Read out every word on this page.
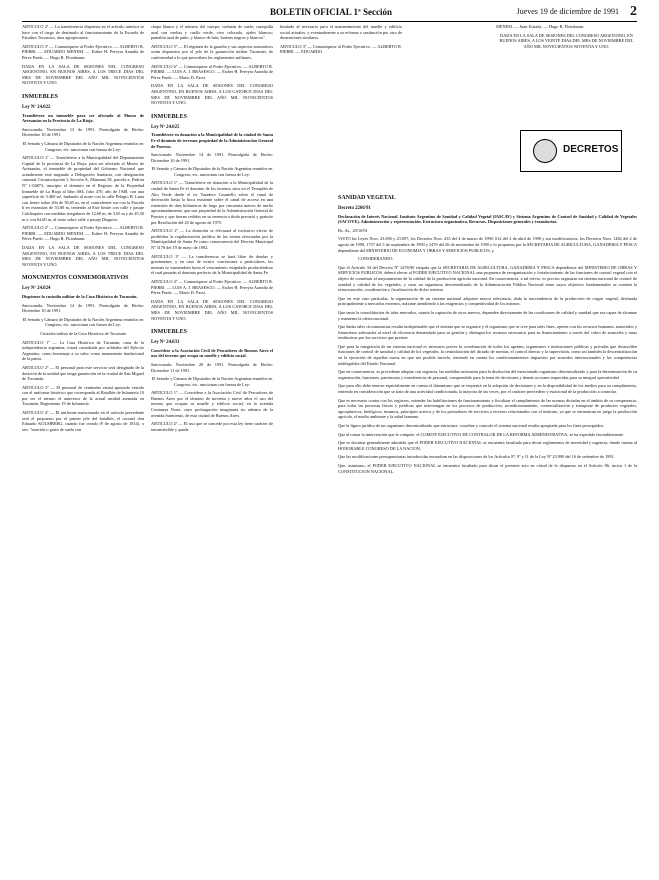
BOLETIN OFICIAL 1ª Sección	Jueves 19 de diciembre de 1991 2

ARTICULO 2º — La transferencia dispuesta en el artículo anterior se hace con el cargo de destinarlo al funcionamiento de la Escuela de Estudios Terciarios, área agropecuaria.

ARTICULO 3º — Comuníquese al Poder Ejecutivo. — ALBERTO R. PIERRI. — EDUARDO MENEM. — Esther H. Pereyra Arandía de Pérez Pardo. — Hugo R. Flombaum.

DADA EN LA SALA DE SESIONES DEL CONGRESO ARGENTINO, EN BUENOS AIRES, A LOS TRECE DIAS DEL MES DE NOVIEMBRE DEL AÑO MIL NOVECIENTOS NOVENTA Y UNO.

INMUEBLES
Ley Nº 24.022

Transfiérese un inmueble para ser afectado al Museo de Artesanías en la Provincia de La Rioja.

Sancionada: Noviembre 13 de 1991. Promulgada de Hecho: Diciembre 10 de 1991.

El Senado y Cámara de Diputados de la Nación Argentina reunidos en Congreso, etc. sancionan con fuerza de Ley:

ARTICULO 1º — Transfiérese a la Municipalidad del Departamento Capital de la provincia de La Rioja, para ser afectado al Museo de Artesanías, el inmueble de propiedad del Gobierno Nacional que actualmente está asignado a Delegación Sanitaria, con designación catastral Circunscripción I, Sección A, Manzana 58, parcela a, Padrón Nº 1-04873, inscripto el dominio en el Registro de la Propiedad Inmueble de La Rioja al libro 684, folio 470, año de 1948, con una superficie de 3.469 m², lindando al norte con la calle Pelagio B. Luna con frente sobre ella de 56,65 m, en el contrafrente sur con la Parcela b en extensión de 53,80 m, teniendo al Este límite con calle y pasaje Calchaquíes con medidas irregulares de 12,60 m, de 3,65 m y de 45,50 m y con 62,60 m, al oeste sobre calle o pasaje Díaguita.

ARTICULO 2º — Comuníquese al Poder Ejecutivo. — ALBERTO R. PIERRI. — EDUARDO MENEM. — Esther H. Pereyra Arandía de Pérez Pardo. — Hugo R. Flombaum.

DADA EN LA SALA DE SESIONES DEL CONGRESO ARGENTINO, EN BUENOS AIRES, A LOS TRECE DIAS DEL MES DE NOVIEMBRE DEL AÑO MIL NOVECIENTOS NOVENTA Y UNO.

MONUMENTOS CONMEMORATIVOS
Ley Nº 24.024

Dispónese la custodia militar de la Casa Histórica de Tucumán.

Sancionada: Noviembre 14 de 1991. Promulgada de Hecho: Diciembre 10 de 1991.

El Senado y Cámara de Diputados de la Nación Argentina reunidos en Congreso, etc. sancionan con fuerza de Ley:

Custodia militar de la Casa Histórica de Tucumán

ARTICULO 1º — La Casa Histórica de Tucumán, cuna de la independencia argentina, estará custodiada por soldados del Ejército Argentino, como homenaje a su valor como monumento fundacional de la patria.

ARTICULO 2º — El personal para este servicio será designado de la dotación de la unidad que tenga guarnición en la ciudad de San Miguel de Tucumán.

ARTICULO 3º — El personal de centinelas estará apostado vestido con el uniforme histórico que corresponda al Batallón de Infantería 10 por ser el mismo el antecesor de la actual unidad asentada en Tucumán, Regimiento 19 de Infantería.

ARTICULO 4º — El uniforme mencionado en el artículo precedente será el propuesto por el primer jefe del batallón, el coronel don Eduardo KOLMBERG, cuando fue creado (9 de agosto de 1814), o sea: "morrión o gorra de suela con

chapa blanca y el número del cuerpo; corbatín de suela; casaquilla azul con vueltas y cuello verde, vivo colorado, ojales blancos; pantalón azul de paño, y blanco de brin, botines negros y blancos".

ARTICULO 5º — El régimen de la guardia y sus aspectos normativos serán dispuestos por el jefe de la guarnición militar Tucumán, de conformidad a lo que prescriben los reglamentos militares.

ARTICULO 6º — Comuníquese al Poder Ejecutivo. — ALBERTO R. PIERRI. — LUIS A. J. BRASESCO. — Esther H. Pereyra Arandía de Pérez Pardo. — Mario D. Fassi.

DADA EN LA SALA DE SESIONES DEL CONGRESO ARGENTINO, EN BUENOS AIRES, A LOS CATORCE DIAS DEL MES DE NOVIEMBRE DEL AÑO MIL NOVECIENTOS NOVENTA Y UNO.

INMUEBLES
Ley Nº 24.025

Transfiérese en donación a la Municipalidad de la ciudad de Santa Fe el dominio de terrenos propiedad de la Administración General de Puertos.

Sancionada: Noviembre 14 de 1991. Promulgada de Hecho: Diciembre 10 de 1991.

El Senado y Cámara de Diputados de la Nación Argentina reunidos en Congreso, etc. sancionan con fuerza de Ley:

ARTICULO 1º — Transfiérese en donación a la Municipalidad de la ciudad de Santa Fe el dominio de los terrenos sitos en el Terraplén de Alto Verde desde el ex Varadero Casanello sobre el canal de derivación hasta la boca existente sobre el canal de acceso en una extensión de diez kilómetros de largo por cincuenta metros de ancho aproximadamente, que son propiedad de la Administración General de Puertos y que fueran cedidos en su tenencia a título precario y gratuito por Resolución del 20 de agosto de 1975.

ARTICULO 2º — La donación se efectuará al exclusivo efecto de posibilitar la regularización jurídica de las ventas efectuadas por la Municipalidad de Santa Fe como consecuencia del Decreto Municipal Nº 3178 del 19 de mayo de 1982.

ARTICULO 3º — La transferencia se hará libre de deudas y gravámenes, y en caso de existir concesiones a particulares, las mismas se mantendrán hasta el vencimiento estipulado produciéndose el cual pasarán al dominio perfecto de la Municipalidad de Santa Fe.

ARTICULO 4º — Comuníquese al Poder Ejecutivo. — ALBERTO R. PIERRI. — LUIS A. J. BRASESCO. — Esther H. Pereyra Arandía de Pérez Pardo. — Mario D. Fassi.

DADA EN LA SALA DE SESIONES DEL CONGRESO ARGENTINO, EN BUENOS AIRES, A LOS CATORCE DIAS DEL MES DE NOVIEMBRE DEL AÑO MIL NOVECIENTOS NOVENTA Y UNO.

INMUEBLES
Ley Nº 24.031

Concédese a la Asociación Civil de Pescadores de Buenos Aires el uso del terreno que ocupa su muelle y edificio social.

Sancionada: Noviembre 20 de 1991. Promulgada de Hecho: Diciembre 11 de 1991.

El Senado y Cámara de Diputados de la Nación Argentina reunidos en Congreso, etc. sancionan con fuerza de Ley:

ARTICULO 1º — Concédese a la Asociación Civil de Pescadores de Buenos Aires por el término de noventa y nueve años el uso del terreno que ocupan su muelle y edificio social, en la avenida Costanera Norte, cuyo prolongación imaginaria rio adentro de la avenida Sarmiento, de esta ciudad de Buenos Aires.

ARTICULO 2º — El uso que se concede por esta ley tiene carácter de intransferible y queda

limitado al necesario para el mantenimiento del muelle y edificio social actuales, y eventualmente a su reforma o sustitución por otro de dimensiones similares.

ARTICULO 3º — Comuníquese al Poder Ejecutivo. — ALBERTO R. PIERRI. — EDUARDO

MENEM. — Juan Estrada. — Hugo R. Flombaum.

DADA EN LA SALA DE SESIONES DEL CONGRESO ARGENTINO, EN BUENOS AIRES, A LOS VEINTE DIAS DEL MES DE NOVIEMBRE DEL AÑO MIL NOVECIENTOS NOVENTA Y UNO.

DECRETOS
SANIDAD VEGETAL
Decreto 2266/91

Declaración de Interés Nacional. Instituto Argentino de Sanidad y Calidad Vegetal (IASCAV) y Sistema Argentino de Control de Sanidad y Calidad de Vegetales (SACOVE). Administración y representación. Estructura organizativa. Recursos. Disposiciones generales y transitorias.

Bs. As., 29/10/91

VISTO las Leyes Nros. 23.696 y 23.697, los Decretos Nros. 435 del 4 de marzo de 1990, 612 del 2 de abril de 1990 y sus modificatorios, los Decretos Nros. 1482 del 2 de agosto de 1990, 1757 del 5 de septiembre de 1990 y 2476 del 26 de noviembre de 1990 y lo propuesto por la SECRETARIA DE AGRICULTURA, GANADERIA Y PESCA dependiente del MINISTERIO DE ECONOMIA Y OBRAS Y SERVICIOS PUBLICOS, y

CONSIDERANDO:

Que el Artículo 34 del Decreto Nº 2476/90 estipula que la SECRETARIA DE AGRICULTURA, GANADERIA Y PESCA dependiente del MINISTERIO DE OBRAS Y SERVICIOS PUBLICOS, deberá elevar al PODER EJECUTIVO NACIONAL una propuesta de reorganización y fortalecimiento de las funciones de control vegetal con el objeto de contribuir al mejoramiento de la calidad de la producción agrícola nacional. En consecuencia, a tal efecto, es preciso organizar un sistema nacional de control de sanidad y calidad de los vegetales, y crear un organismo descentralizado de la Administración Pública Nacional entre cuyos objetivos fundamentales se cuenten la estructuración, coordinación y fiscalización de dicho sistema.

Que en este caso particular, la organización de un sistema nacional adquiere mayor relevancia, dada la trascendencia de la producción de origen vegetal, destinada principalmente a mercados externos, máxime atendiendo a las exigencias y competitividad de los mismos.

Que tanto la consolidación de tales mercados, cuanto la captación de otros nuevos, dependen directamente de las condiciones de calidad y sanidad que sea capaz de alcanzar y mantener la oferta nacional.

Que dadas tales circunstancias resulta indispensable que el sistema que se organice y el organismo que se cree para tales fines, operen con los recursos humanos, materiales y financieros adecuados al nivel de eficiencia demandado para su gestión y obtengan los recursos necesarios para su financiamiento a través del cobro de aranceles y tasas retributivas por los servicios que presten.

Que para la integración de un sistema nacional es necesario prever la coordinación de todos los agentes, organismos e instituciones públicas y privadas que desarrollen funciones de control de sanidad y calidad de los vegetales, la centralización del dictado de normas, el control directo y la supervisión, como así también la descentralización en la ejecución de aquellas tareas en que sea posible hacerlo, teniendo en cuenta los condicionamientos impuestos por acuerdos internacionales y las competencias indelegables del Estado Nacional.

Que en consecuencia, es procedente adoptar con urgencia, las medidas necesarias para la disolución del mencionado organismo descentralizado y para la determinación de su organización, funciones, patrimonio y transferencia de personal, comprendido para la toma de decisiones y demás acciones requeridas para su integral operatividad.

Que para ello debe tenerse especialmente en cuenta el dinamismo que se requerirá en la adopción de decisiones y en la disponibilidad de los medios para su cumplimiento, teniendo en consideración que se trata de una actividad condicionada, la mayoría de las veces, por el carácter perecedero y estacional de la producción a controlar.

Que es necesario contar con los registros, extender las habilitaciones de funcionamiento y fiscalizar el cumplimiento de las normas dictadas en el ámbito de su competencia, para todas las personas físicas y jurídicas que intervengan en los procesos de producción, acondicionamiento, comercialización y transporte de productos vegetales, agroquímicos, biológicos, insumos, principios activos y de los prestadores de servicios a terceros relacionados con el instituto, ya que se encuentran en juego la producción agrícola, el medio ambiente y la salud humana.

Que la figura jurídica de un organismo descentralizado que estructure, coordine y controle el sistema nacional resulta apropiada para los fines perseguidos.

Que al tomar la intervención que le compete, el COMITE EJECUTIVO DE CONTRALOR DE LA REFORMA ADMINISTRATIVA, se ha expedido favorablemente.

Que es doctrina generalmente admitida que el PODER EJECUTIVO NACIONAL se encuentra facultado para dictar reglamentos de necesidad y urgencia, dando cuenta al HONORABLE CONGRESO DE LA NACION.

Que las modificaciones presupuestarias introducidas encuadran en las disposiciones de los Artículos 8º, 9º y 11 de la Ley Nº 23.990 del 16 de setiembre de 1991.

Que, asimismo, el PODER EJECUTIVO NACIONAL se encuentra facultado para dictar el presente acto en virtud de lo dispuesto en el Artículo 86, inciso 1 de la CONSTITUCION NACIONAL.
